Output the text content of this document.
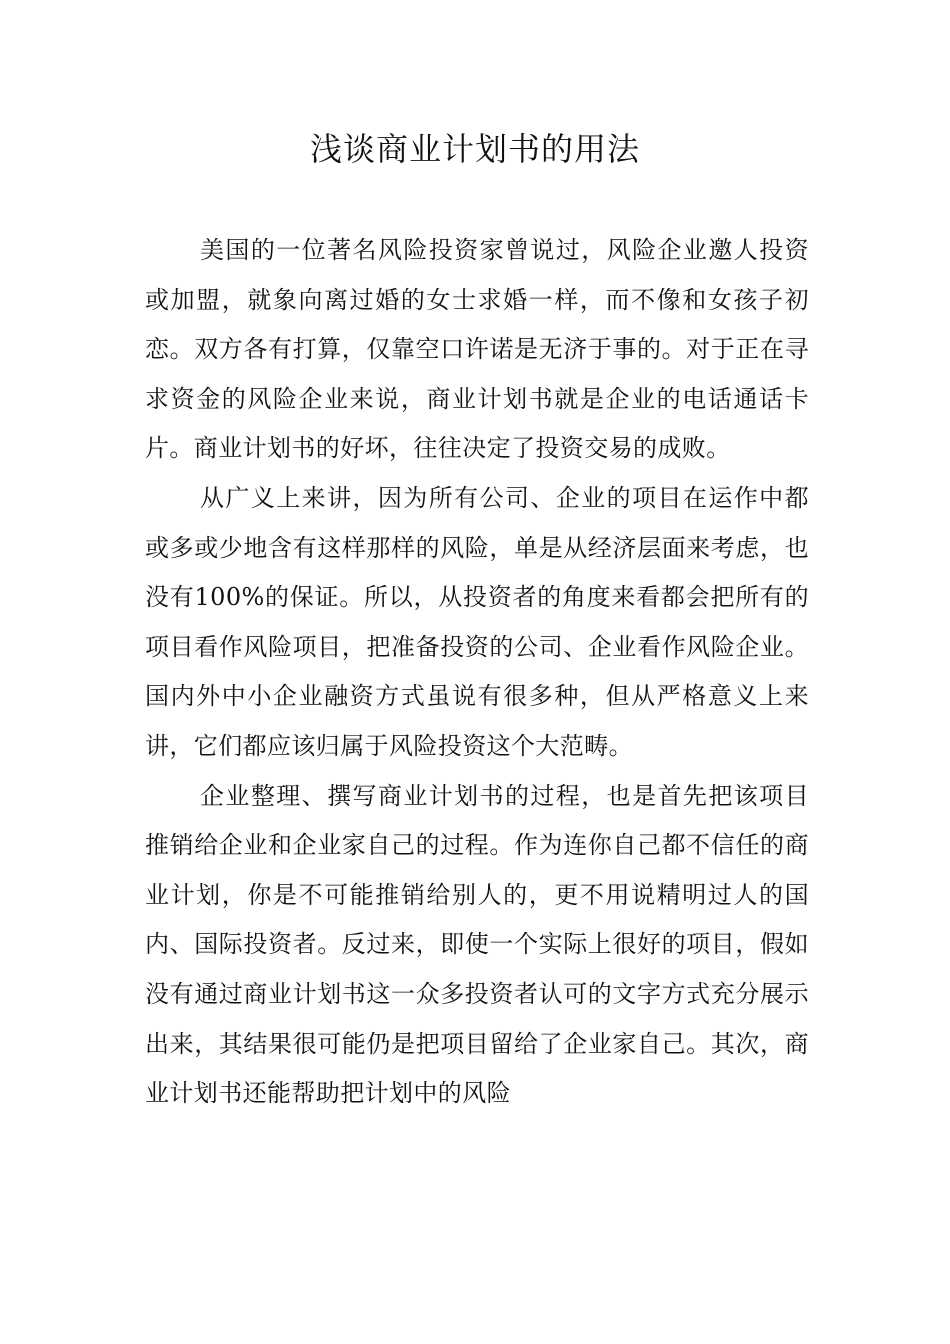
浅谈商业计划书的用法

美国的一位著名风险投资家曾说过，风险企业邀人投资或加盟，就象向离过婚的女士求婚一样，而不像和女孩子初恋。双方各有打算，仅靠空口许诺是无济于事的。对于正在寻求资金的风险企业来说，商业计划书就是企业的电话通话卡片。商业计划书的好坏，往往决定了投资交易的成败。

从广义上来讲，因为所有公司、企业的项目在运作中都或多或少地含有这样那样的风险，单是从经济层面来考虑，也没有100%的保证。所以，从投资者的角度来看都会把所有的项目看作风险项目，把准备投资的公司、企业看作风险企业。国内外中小企业融资方式虽说有很多种，但从严格意义上来讲，它们都应该归属于风险投资这个大范畴。

企业整理、撰写商业计划书的过程，也是首先把该项目推销给企业和企业家自己的过程。作为连你自己都不信任的商业计划，你是不可能推销给别人的，更不用说精明过人的国内、国际投资者。反过来，即使一个实际上很好的项目，假如没有通过商业计划书这一众多投资者认可的文字方式充分展示出来，其结果很可能仍是把项目留给了企业家自己。其次，商业计划书还能帮助把计划中的风险
